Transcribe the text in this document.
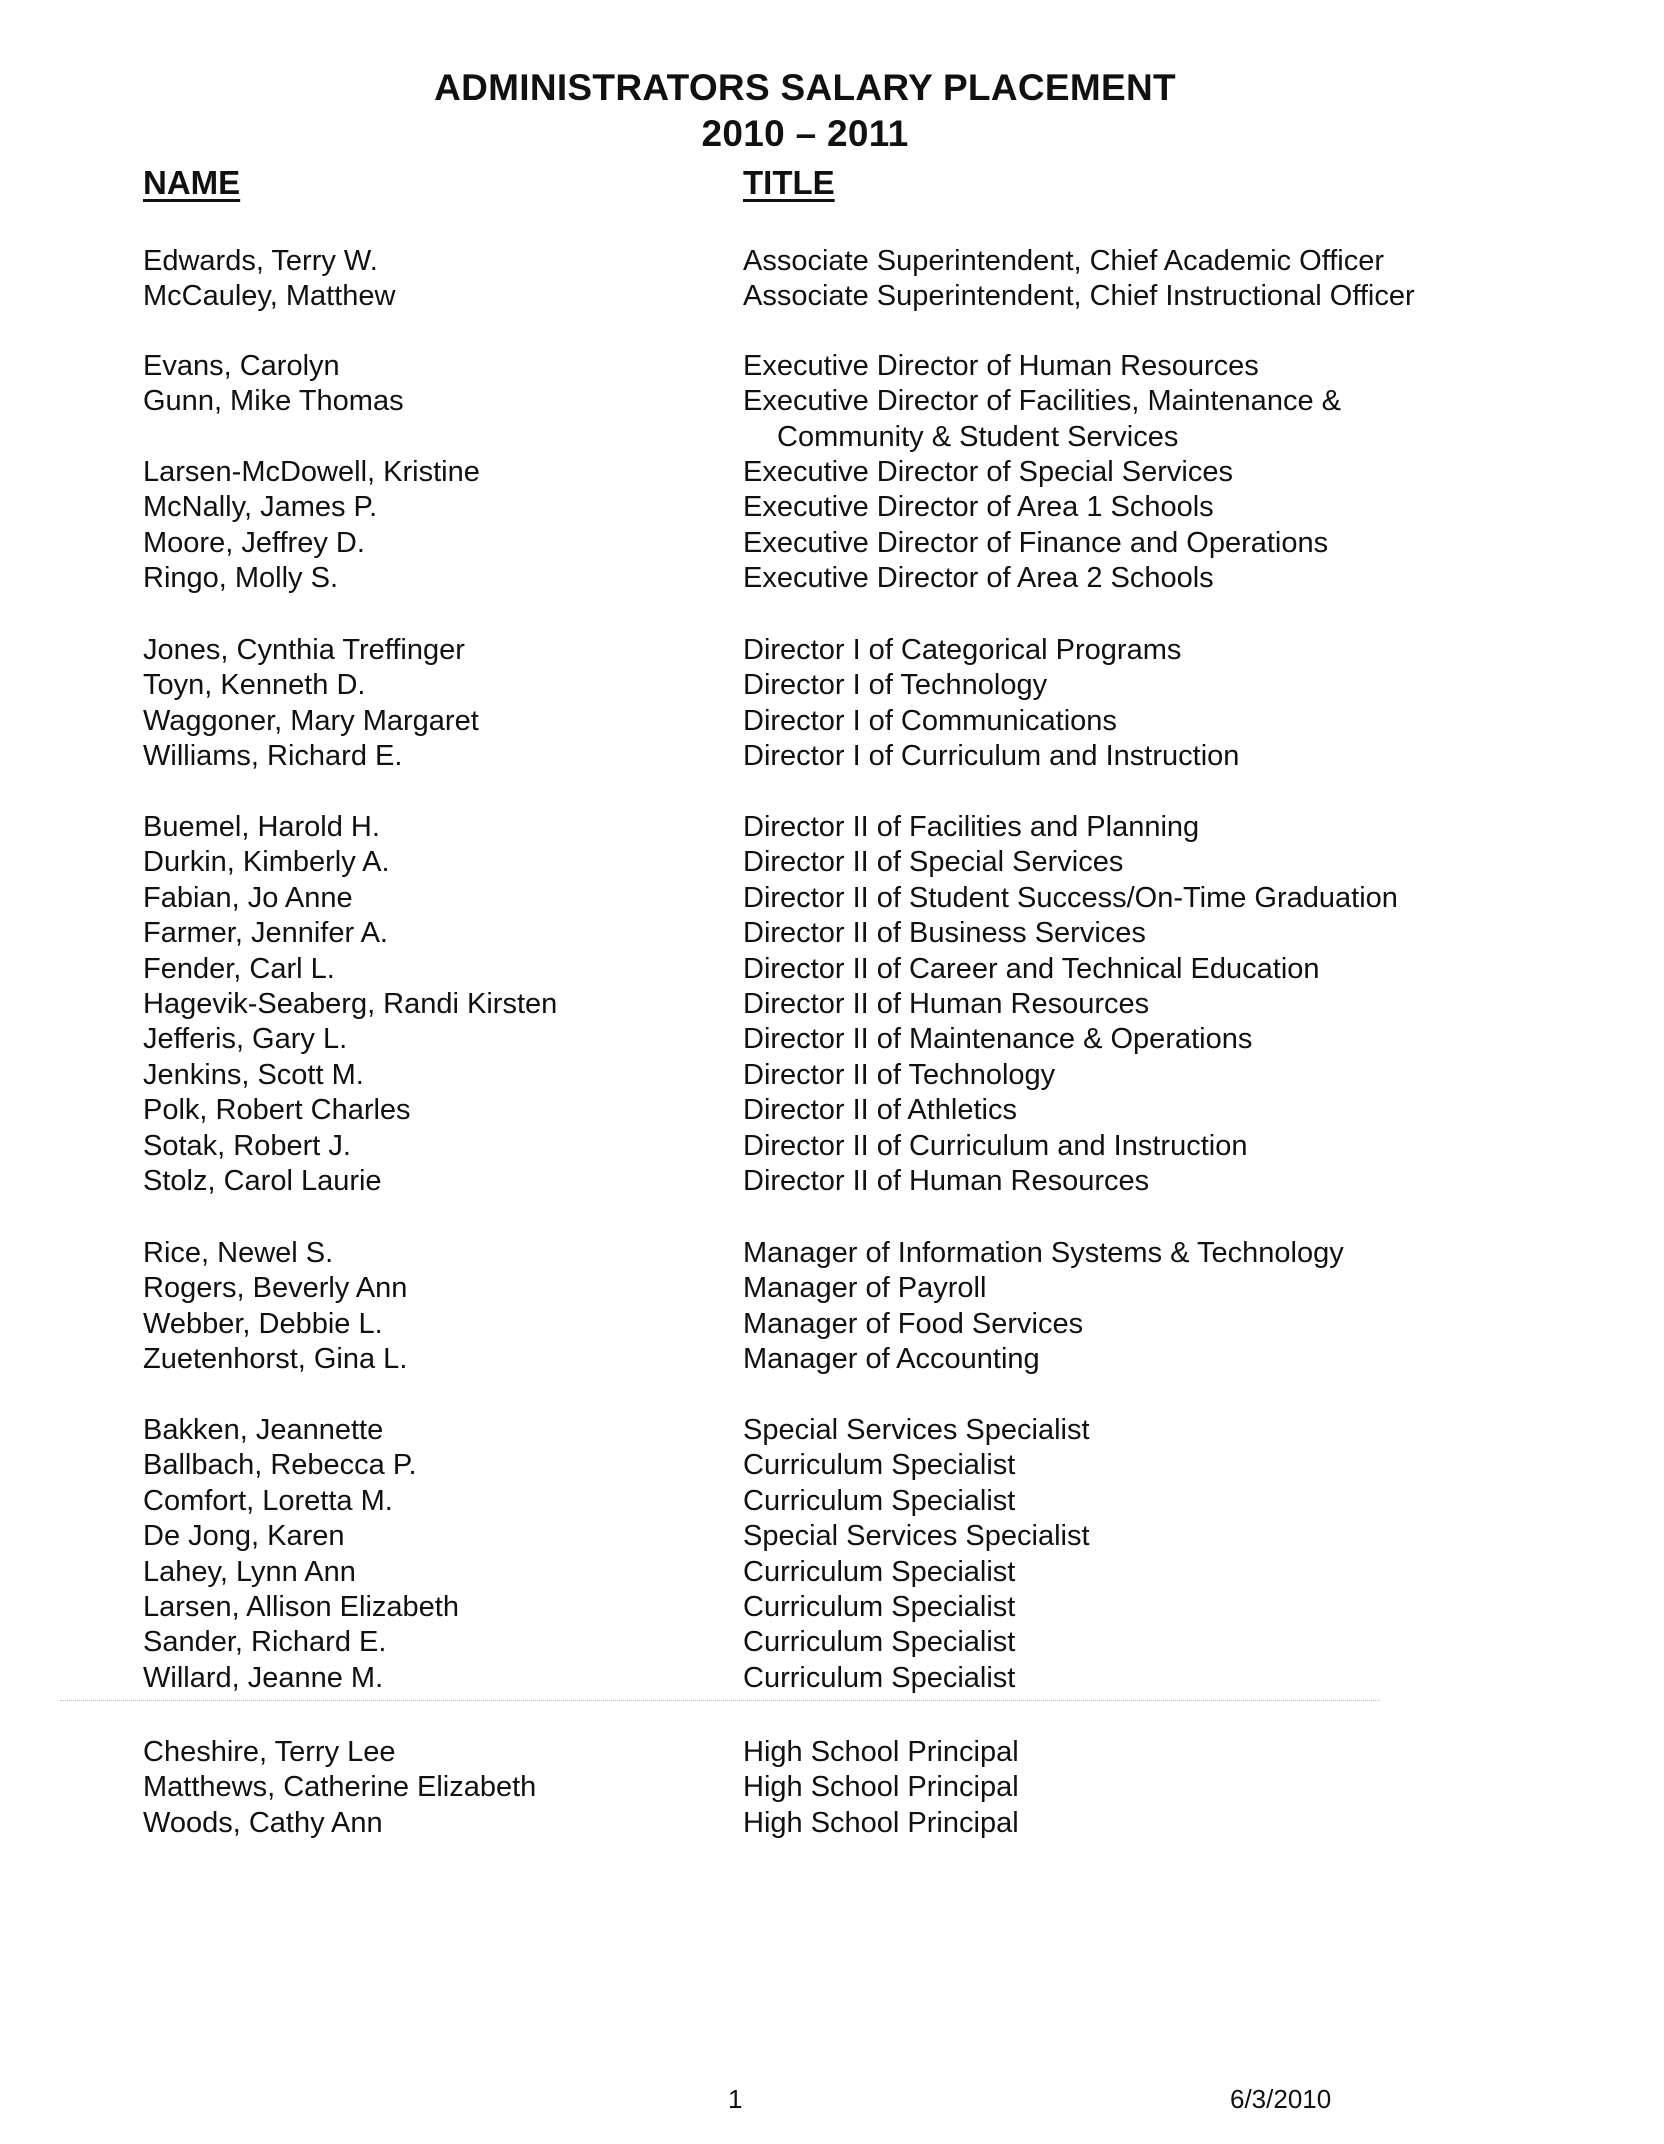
ADMINISTRATORS SALARY PLACEMENT
2010 – 2011
NAME	TITLE
Edwards, Terry W.	Associate Superintendent, Chief Academic Officer
McCauley, Matthew	Associate Superintendent, Chief Instructional Officer
Evans, Carolyn	Executive Director of Human Resources
Gunn, Mike Thomas	Executive Director of Facilities, Maintenance &
Community & Student Services
Larsen-McDowell, Kristine	Executive Director of Special Services
McNally, James P.	Executive Director of Area 1 Schools
Moore, Jeffrey D.	Executive Director of Finance and Operations
Ringo, Molly S.	Executive Director of Area 2 Schools
Jones, Cynthia Treffinger	Director I of Categorical Programs
Toyn, Kenneth D.	Director I of Technology
Waggoner, Mary Margaret	Director I of Communications
Williams, Richard E.	Director I of Curriculum and Instruction
Buemel, Harold H.	Director II of Facilities and Planning
Durkin, Kimberly A.	Director II of Special Services
Fabian, Jo Anne	Director II of Student Success/On-Time Graduation
Farmer, Jennifer A.	Director II of Business Services
Fender, Carl L.	Director II of Career and Technical Education
Hagevik-Seaberg, Randi Kirsten	Director II of Human Resources
Jefferis, Gary L.	Director II of Maintenance & Operations
Jenkins, Scott M.	Director II of Technology
Polk, Robert Charles	Director II of Athletics
Sotak, Robert J.	Director II of Curriculum and Instruction
Stolz, Carol Laurie	Director II of Human Resources
Rice, Newel S.	Manager of Information Systems & Technology
Rogers, Beverly Ann	Manager of Payroll
Webber, Debbie L.	Manager of Food Services
Zuetenhorst, Gina L.	Manager of Accounting
Bakken, Jeannette	Special Services Specialist
Ballbach, Rebecca P.	Curriculum Specialist
Comfort, Loretta M.	Curriculum Specialist
De Jong, Karen	Special Services Specialist
Lahey, Lynn Ann	Curriculum Specialist
Larsen, Allison Elizabeth	Curriculum Specialist
Sander, Richard E.	Curriculum Specialist
Willard, Jeanne M.	Curriculum Specialist
Cheshire, Terry Lee	High School Principal
Matthews, Catherine Elizabeth	High School Principal
Woods, Cathy Ann	High School Principal
1	6/3/2010
